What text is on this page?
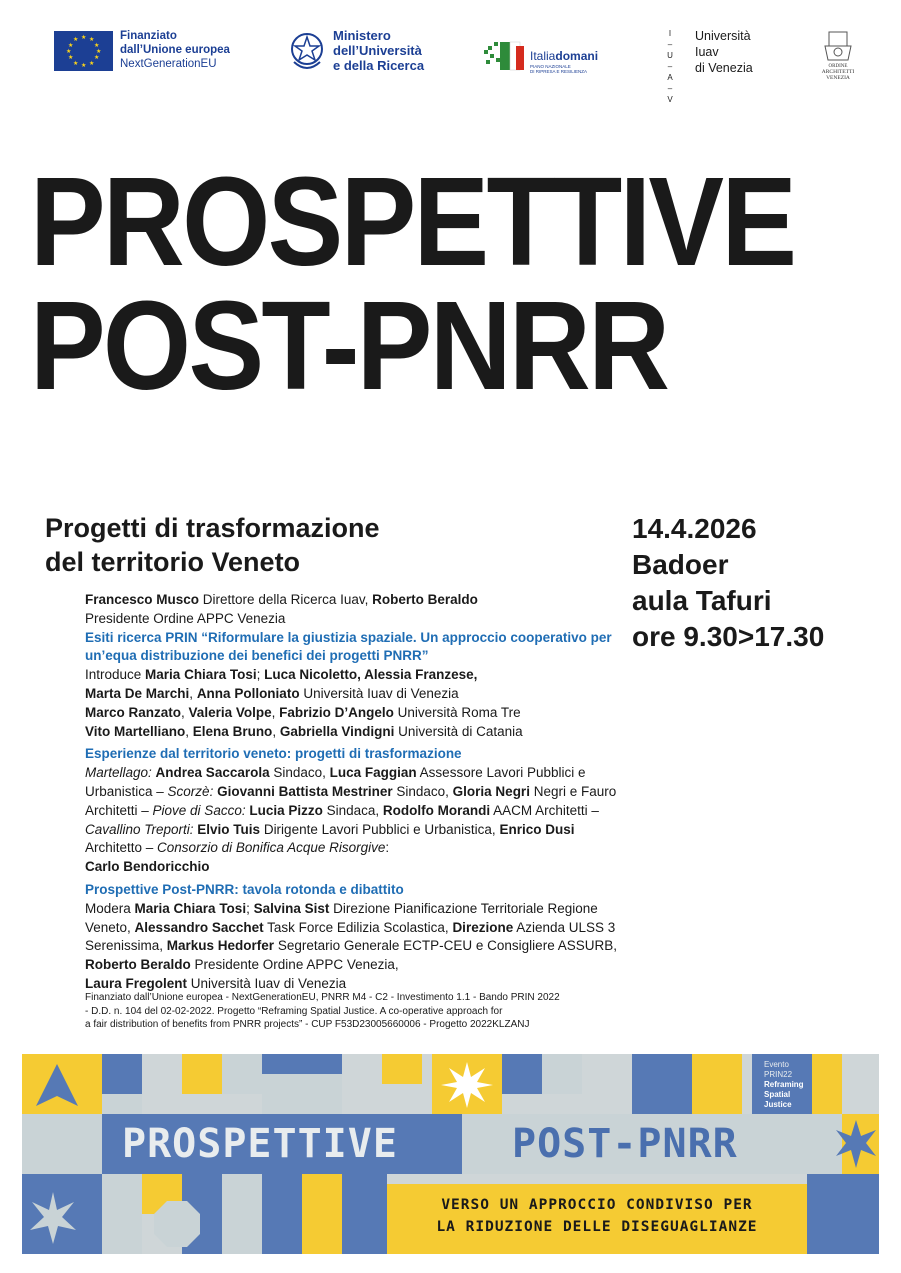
★ ★
★
★
★
★
★
★
★
★
★
★	Finanziato
dall’Unione europea
NextGenerationEU
Ministero
dell’Università
e della Ricerca
Italiadomani
PIANO NAZIONALE
DI RIPRESA E RESILIENZA
I
–
U
–
A
–
V
Università
Iuav
di Venezia	ORDINE
ARCHITETTI
VENEZIA
PROSPETTIVE
POST-PNRR
Progetti di trasformazione
del territorio Veneto
14.4.2026
Badoer
aula Tafuri
ore 9.30>17.30

Francesco Musco Direttore della Ricerca Iuav, Roberto Beraldo
Presidente Ordine APPC Venezia

Esiti ricerca PRIN “Riformulare la giustizia spaziale. Un approccio cooperativo per un’equa distribuzione dei benefici dei progetti PNRR”

Introduce Maria Chiara Tosi; Luca Nicoletto, Alessia Franzese,
Marta De Marchi, Anna Polloniato Università Iuav di Venezia
Marco Ranzato, Valeria Volpe, Fabrizio D’Angelo Università Roma Tre
Vito Martelliano, Elena Bruno, Gabriella Vindigni Università di Catania

Esperienze dal territorio veneto: progetti di trasformazione

Martellago: Andrea Saccarola Sindaco, Luca Faggian Assessore Lavori Pubblici e Urbanistica – Scorzè: Giovanni Battista Mestriner Sindaco, Gloria Negri Negri e Fauro Architetti – Piove di Sacco: Lucia Pizzo Sindaca, Rodolfo Morandi AACM Architetti – Cavallino Treporti: Elvio Tuis Dirigente Lavori Pubblici e Urbanistica, Enrico Dusi Architetto – Consorzio di Bonifica Acque Risorgive:
Carlo Bendoricchio

Prospettive Post-PNRR: tavola rotonda e dibattito

Modera Maria Chiara Tosi; Salvina Sist Direzione Pianificazione Territoriale Regione Veneto, Alessandro Sacchet Task Force Edilizia Scolastica, Direzione Azienda ULSS 3 Serenissima, Markus Hedorfer Segretario Generale ECTP-CEU e Consigliere ASSURB, Roberto Beraldo Presidente Ordine APPC Venezia,
Laura Fregolent Università Iuav di Venezia

Finanziato dall’Unione europea - NextGenerationEU, PNRR M4 - C2 - Investimento 1.1 - Bando PRIN 2022
- D.D. n. 104 del 02-02-2022. Progetto “Reframing Spatial Justice. A co-operative approach for
a fair distribution of benefits from PNRR projects” - CUP F53D23005660006 - Progetto 2022KLZANJ
PROSPETTIVE	POST-PNRR
VERSO UN APPROCCIO CONDIVISO PER
LA RIDUZIONE DELLE DISEGUAGLIANZE
Evento
PRIN22
Reframing
Spatial
Justice
